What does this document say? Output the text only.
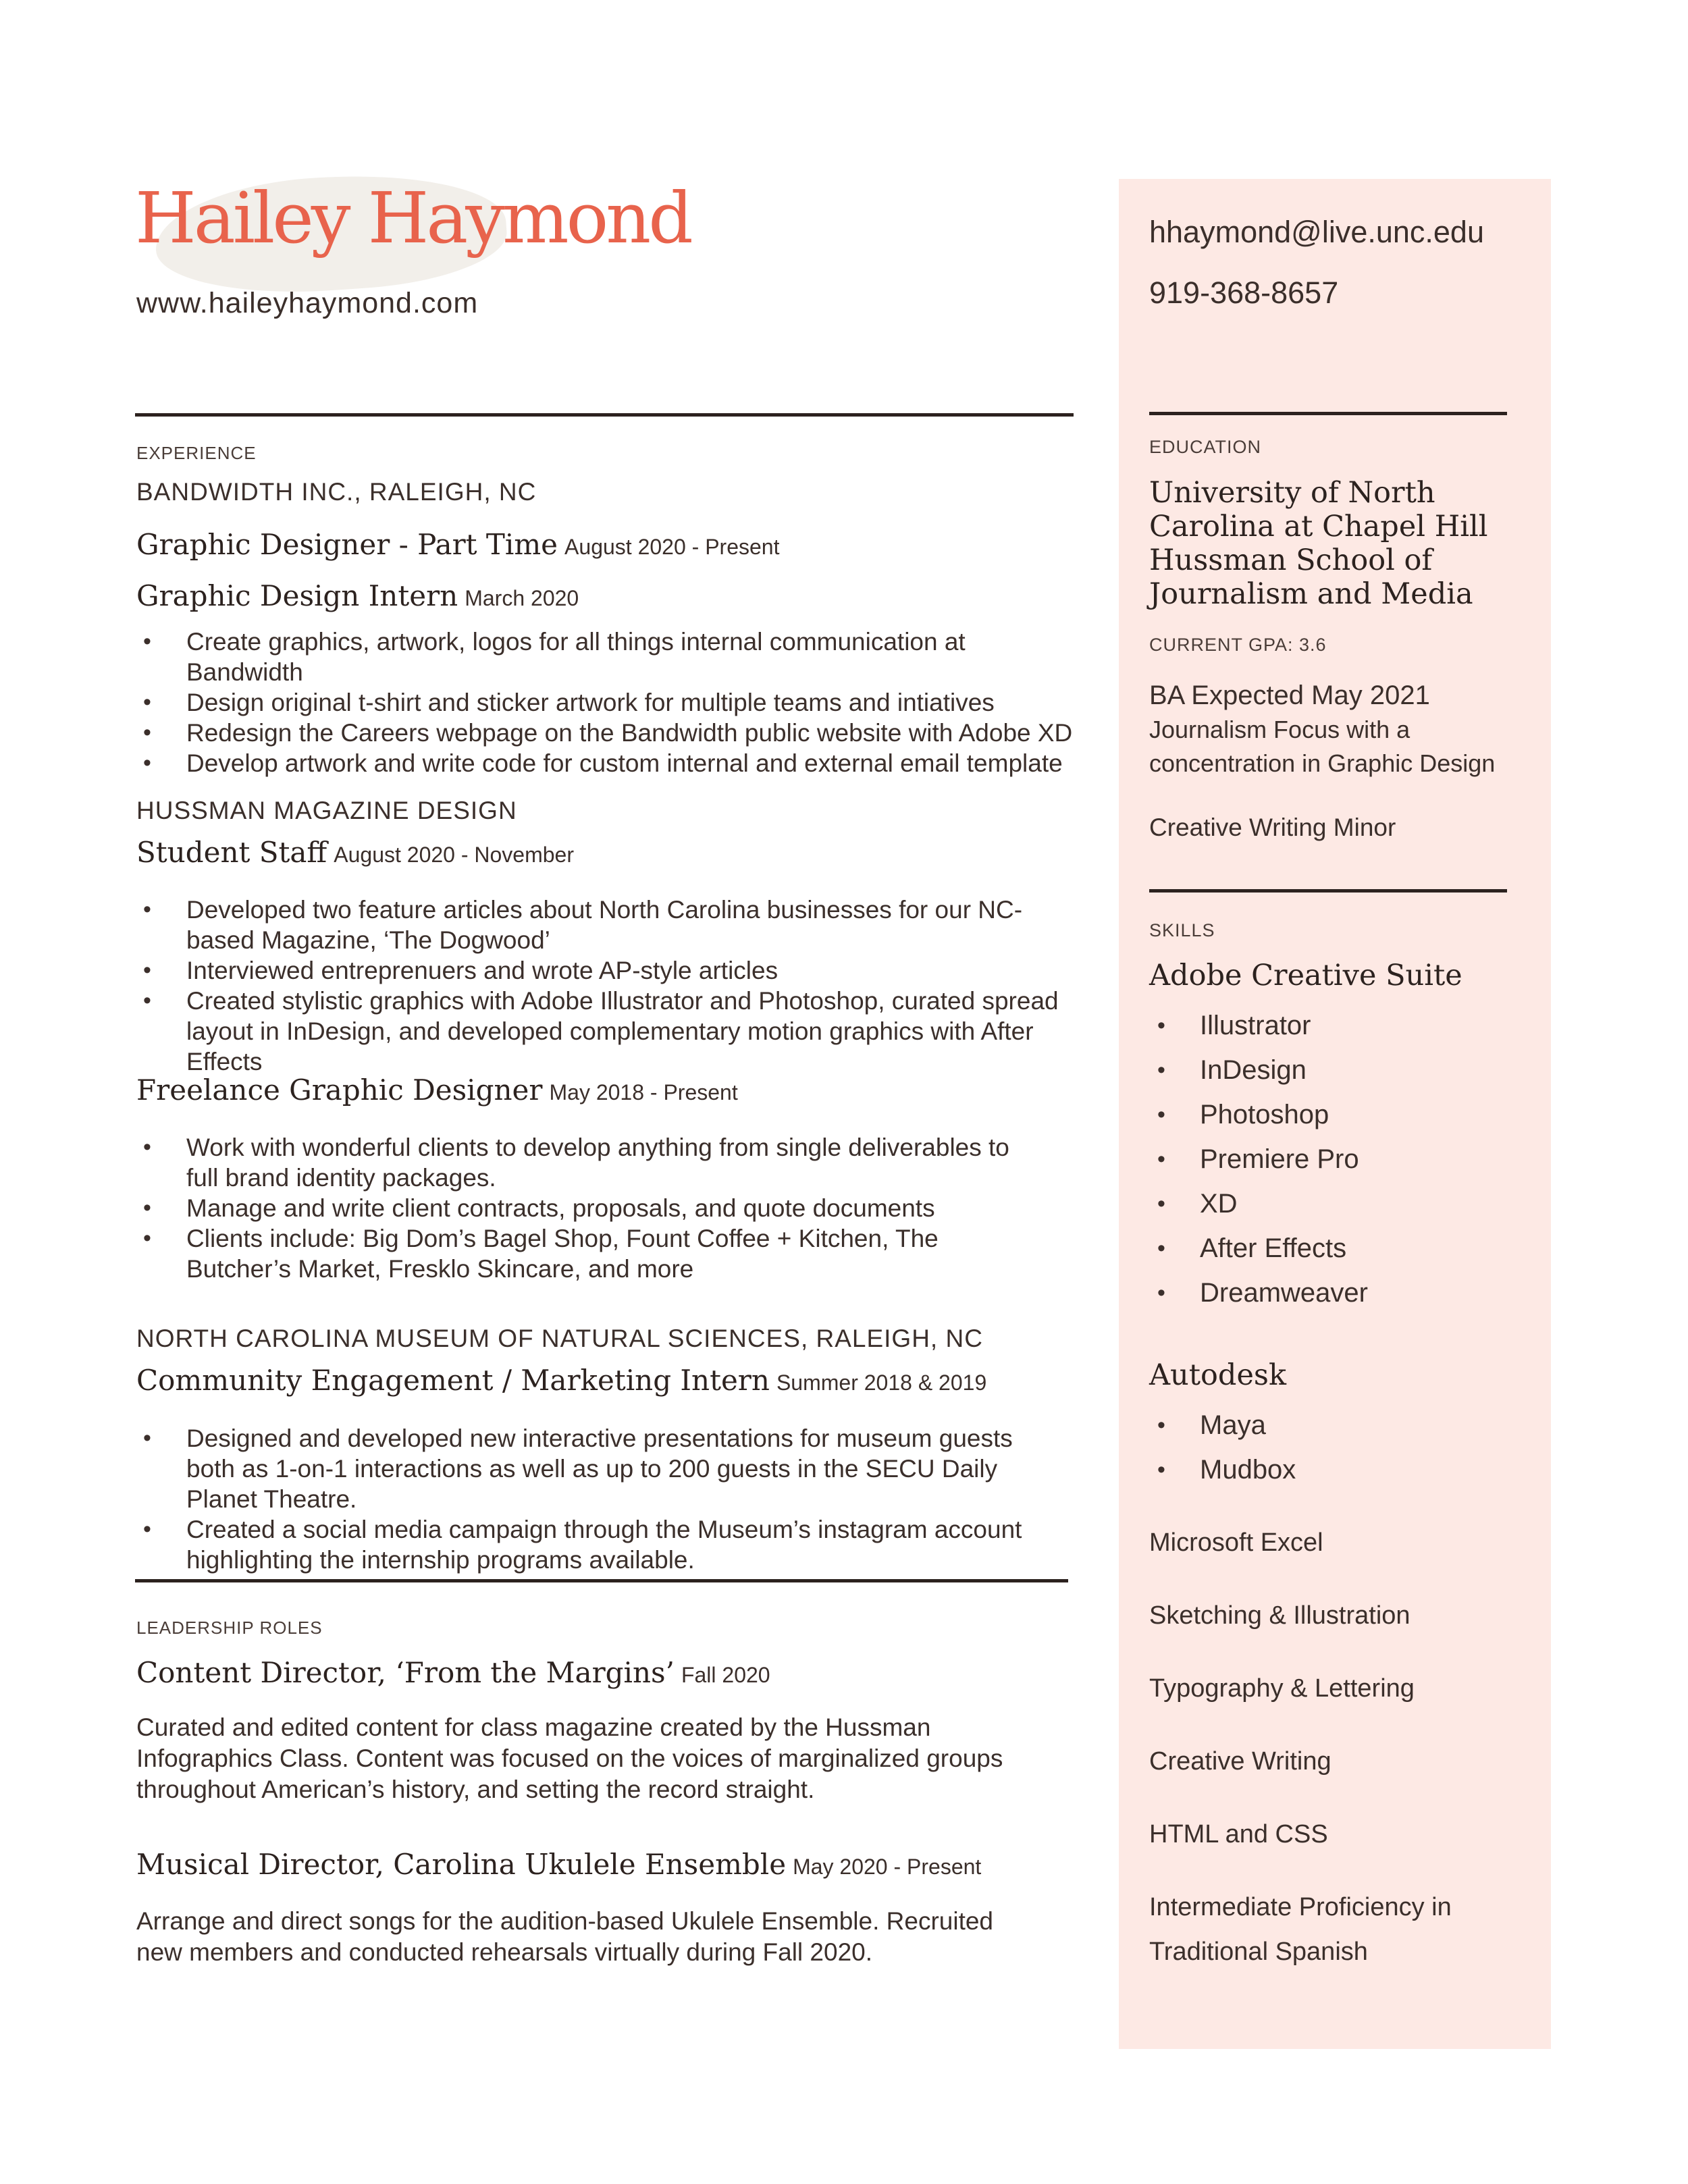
Hailey Haymond
www.haileyhaymond.com
hhaymond@live.unc.edu
919-368-8657
EXPERIENCE
BANDWIDTH INC., RALEIGH, NC
Graphic Designer - Part Time August 2020 - Present
Graphic Design Intern March 2020
• Create graphics, artwork, logos for all things internal communication at Bandwidth
• Design original t-shirt and sticker artwork for multiple teams and intiatives
• Redesign the Careers webpage on the Bandwidth public website with Adobe XD
• Develop artwork and write code for custom internal and external email template
HUSSMAN MAGAZINE DESIGN
Student Staff August 2020 - November
• Developed two feature articles about North Carolina businesses for our NC-based Magazine, ‘The Dogwood’
• Interviewed entreprenuers and wrote AP-style articles
• Created stylistic graphics with Adobe Illustrator and Photoshop, curated spread layout in InDesign, and developed complementary motion graphics with After Effects
Freelance Graphic Designer May 2018 - Present
• Work with wonderful clients to develop anything from single deliverables to full brand identity packages.
• Manage and write client contracts, proposals, and quote documents
• Clients include: Big Dom’s Bagel Shop, Fount Coffee + Kitchen, The Butcher’s Market, Fresklo Skincare, and more
NORTH CAROLINA MUSEUM OF NATURAL SCIENCES, RALEIGH, NC
Community Engagement / Marketing Intern Summer 2018 & 2019
• Designed and developed new interactive presentations for museum guests both as 1-on-1 interactions as well as up to 200 guests in the SECU Daily Planet Theatre.
• Created a social media campaign through the Museum’s instagram account highlighting the internship programs available.
LEADERSHIP ROLES
Content Director, ‘From the Margins’ Fall 2020
Curated and edited content for class magazine created by the Hussman Infographics Class. Content was focused on the voices of marginalized groups throughout American’s history, and setting the record straight.
Musical Director, Carolina Ukulele Ensemble May 2020 - Present
Arrange and direct songs for the audition-based Ukulele Ensemble. Recruited new members and conducted rehearsals virtually during Fall 2020.
EDUCATION
University of North Carolina at Chapel Hill Hussman School of Journalism and Media
CURRENT GPA: 3.6
BA Expected May 2021
Journalism Focus with a
concentration in Graphic Design
Creative Writing Minor
SKILLS
Adobe Creative Suite
• Illustrator
• InDesign
• Photoshop
• Premiere Pro
• XD
• After Effects
• Dreamweaver
Autodesk
• Maya
• Mudbox
Microsoft Excel
Sketching & Illustration
Typography & Lettering
Creative Writing
HTML and CSS
Intermediate Proficiency in
Traditional Spanish
